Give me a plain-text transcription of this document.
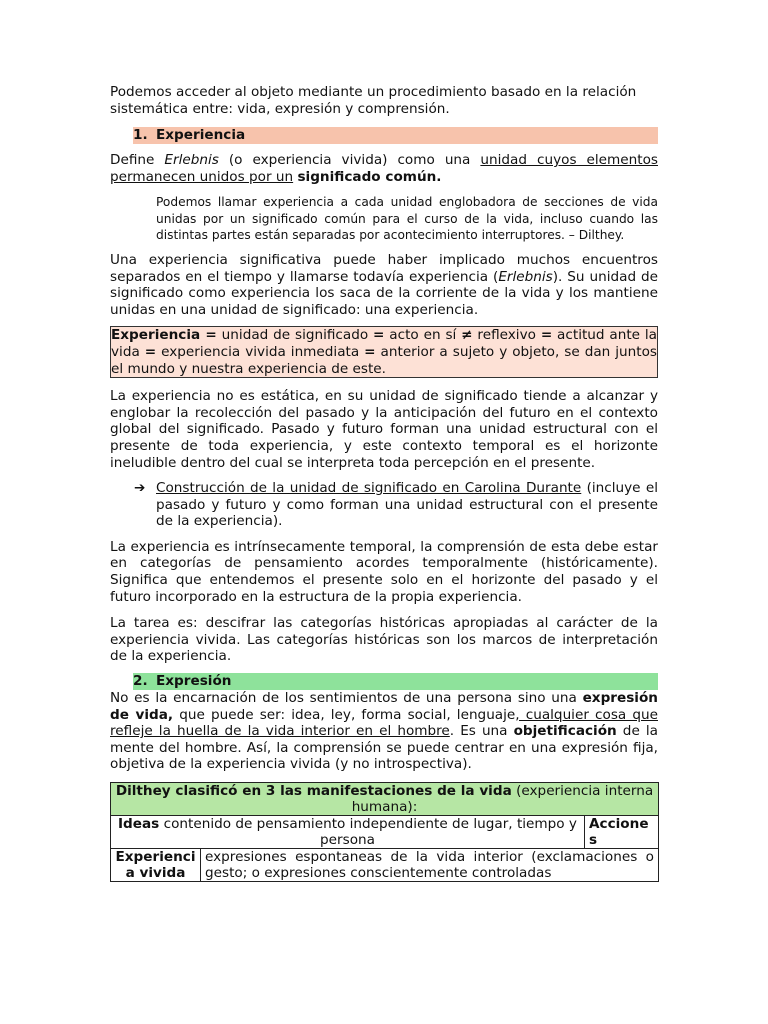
Podemos acceder al objeto mediante un procedimiento basado en la relación sistemática entre: vida, expresión y comprensión.

1. Experiencia

Define Erlebnis (o experiencia vivida) como una unidad cuyos elementos permanecen unidos por un significado común.

Podemos llamar experiencia a cada unidad englobadora de secciones de vida unidas por un significado común para el curso de la vida, incluso cuando las distintas partes están separadas por acontecimiento interruptores. – Dilthey.

Una experiencia significativa puede haber implicado muchos encuentros separados en el tiempo y llamarse todavía experiencia (Erlebnis). Su unidad de significado como experiencia los saca de la corriente de la vida y los mantiene unidas en una unidad de significado: una experiencia.

Experiencia = unidad de significado = acto en sí ≠ reflexivo = actitud ante la vida = experiencia vivida inmediata = anterior a sujeto y objeto, se dan juntos el mundo y nuestra experiencia de este.

La experiencia no es estática, en su unidad de significado tiende a alcanzar y englobar la recolección del pasado y la anticipación del futuro en el contexto global del significado. Pasado y futuro forman una unidad estructural con el presente de toda experiencia, y este contexto temporal es el horizonte ineludible dentro del cual se interpreta toda percepción en el presente.

➔ Construcción de la unidad de significado en Carolina Durante (incluye el pasado y futuro y como forman una unidad estructural con el presente de la experiencia).

La experiencia es intrínsecamente temporal, la comprensión de esta debe estar en categorías de pensamiento acordes temporalmente (históricamente). Significa que entendemos el presente solo en el horizonte del pasado y el futuro incorporado en la estructura de la propia experiencia.

La tarea es: descifrar las categorías históricas apropiadas al carácter de la experiencia vivida. Las categorías históricas son los marcos de interpretación de la experiencia.

2. Expresión

No es la encarnación de los sentimientos de una persona sino una expresión de vida, que puede ser: idea, ley, forma social, lenguaje, cualquier cosa que refleje la huella de la vida interior en el hombre. Es una objetificación de la mente del hombre. Así, la comprensión se puede centrar en una expresión fija, objetiva de la experiencia vivida (y no introspectiva).

Dilthey clasificó en 3 las manifestaciones de la vida (experiencia interna humana):		
Ideas contenido de pensamiento independiente de lugar, tiempo y persona		Acciones
Experiencia vivida	expresiones espontaneas de la vida interior (exclamaciones o gesto; o expresiones conscientemente controladas	
